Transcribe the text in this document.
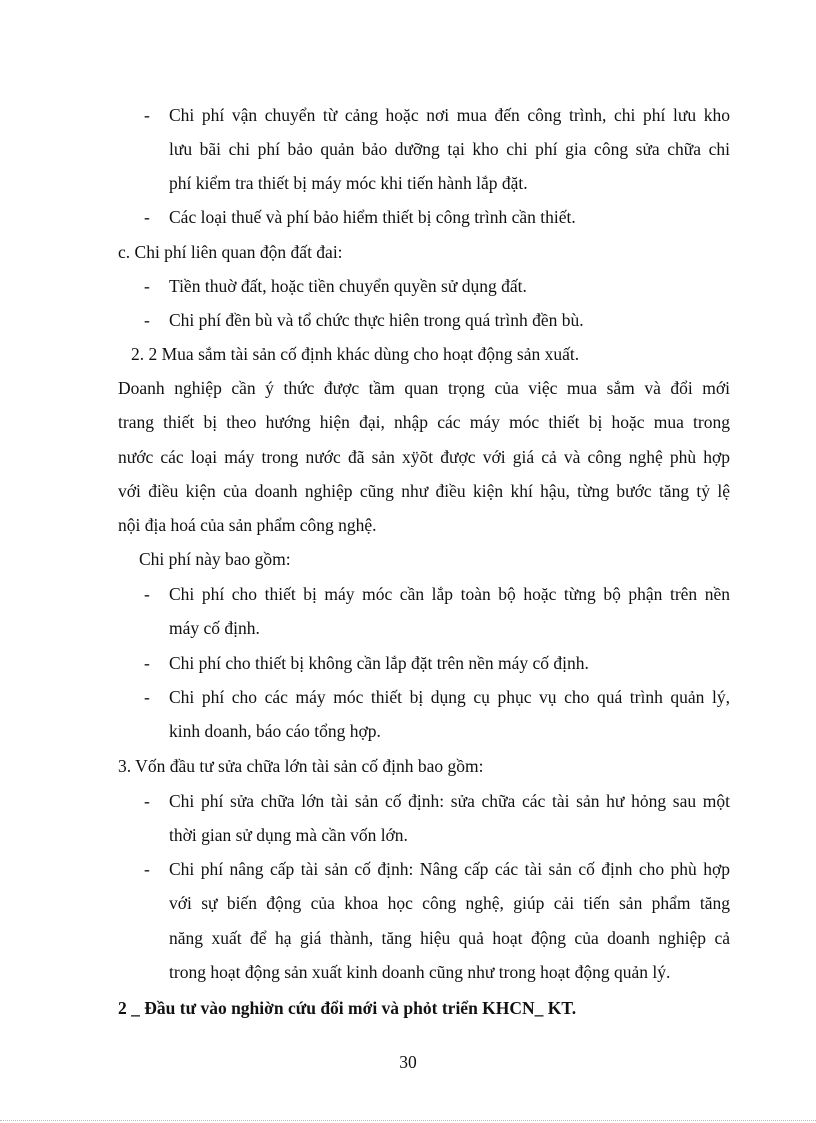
-
-
-
-
-
-
-
-
-
Chi phí vận chuyển từ cảng hoặc nơi mua đến công trình, chi phí lưu kho
lưu bãi chi phí bảo quản bảo dưỡng tại kho chi phí gia công sửa chữa chi
phí kiểm tra thiết bị máy móc khi tiến hành lắp đặt.
Các loại thuế và phí bảo hiểm thiết bị công trình cần thiết.
c. Chi phí liên quan độn đất đai:
Tiền thuờ đất, hoặc tiền chuyển quyền sử dụng đất.
Chi phí đền bù và tổ chức thực hiên trong quá trình đền bù.
2. 2 Mua sắm tài sản cố định khác dùng cho hoạt động sản xuất.
Doanh nghiệp cần ý thức được tầm quan trọng của việc mua sắm và đổi mới
trang thiết bị theo hướng hiện đại, nhập các máy móc thiết bị hoặc mua trong
nước các loại máy trong nước đã sản xÿõt được với giá cả và công nghệ phù hợp
với điều kiện của doanh nghiệp cũng như điều kiện khí hậu, từng bước tăng tỷ lệ
nội địa hoá của sản phẩm công nghệ.
Chi phí này bao gồm:
Chi phí cho thiết bị máy móc cần lắp toàn bộ hoặc từng bộ phận trên nền
máy cố định.
Chi phí cho thiết bị không cần lắp đặt trên nền máy cố định.
Chi phí cho các máy móc thiết bị dụng cụ phục vụ cho quá trình quản lý,
kinh doanh, báo cáo tổng hợp.
3. Vốn đầu tư sửa chữa lớn tài sản cố định bao gồm:
Chi phí sửa chữa lớn tài sản cố định: sửa chữa các tài sản hư hỏng sau một
thời gian sử dụng mà cần vốn lớn.
Chi phí nâng cấp tài sản cố định: Nâng cấp các tài sản cố định cho phù hợp
với sự biến động của khoa học công nghệ, giúp cải tiến sản phẩm tăng
năng xuất để hạ giá thành, tăng hiệu quả hoạt động của doanh nghiệp cả
trong hoạt động sản xuất kinh doanh cũng như trong hoạt động quản lý.
2 _ Đầu tư vào nghiờn cứu đổi mới và phỏt triển KHCN_ KT.
30
